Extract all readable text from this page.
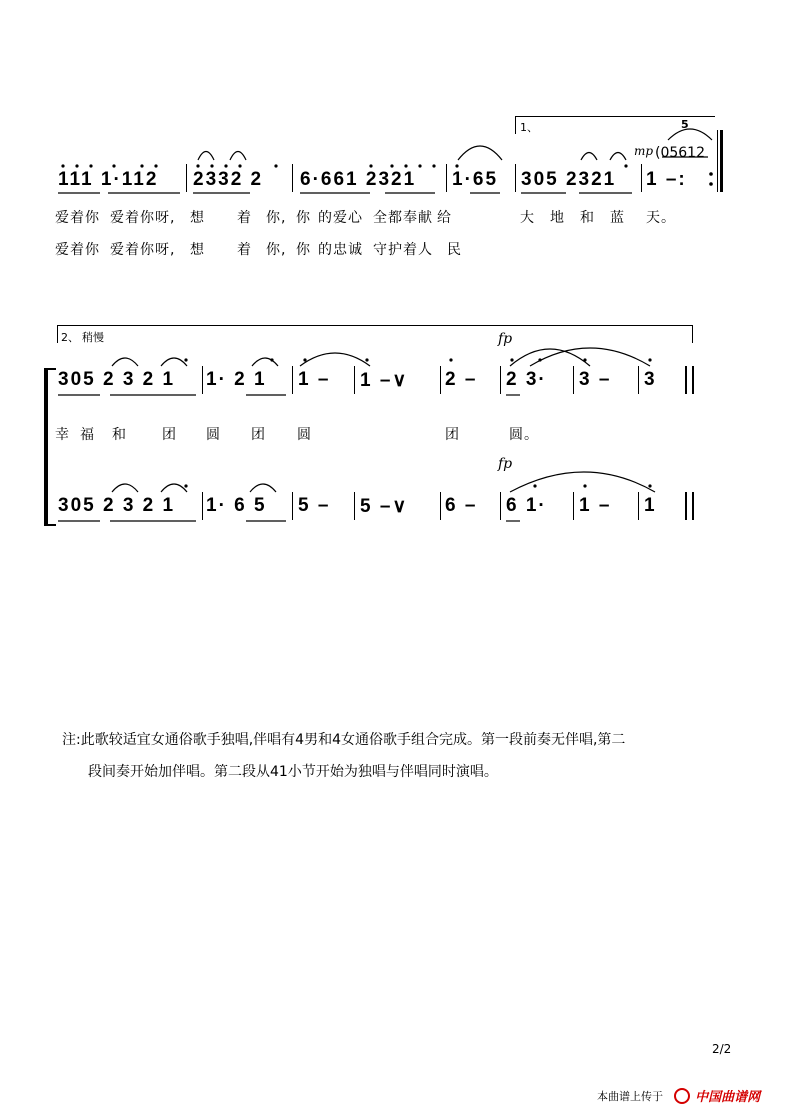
1、
mp
5
(05612
111 1·112 2332 2 6·661 2321 1·65 305 2321 1 –:
爱着你 爱着你呀, 想 着 你, 你 的爱心 全都奉献 给	大 地 和 蓝 天。
爱着你 爱着你呀, 想 着 你, 你 的忠诚 守护着人 民
2、 稍慢	fp
fp
305 2 3 2 1 1· 2 1 1 – 1 –∨ 2 – 2 3· 3 – 3
幸 福 和	团 圆 团 圆	团	圆。
305 2 3 2 1 1· 6 5 5 – 5 –∨ 6 – 6 1· 1 – 1
注:此歌较适宜女通俗歌手独唱,伴唱有4男和4女通俗歌手组合完成。第一段前奏无伴唱,第二
段间奏开始加伴唱。第二段从41小节开始为独唱与伴唱同时演唱。
2/2
本曲谱上传于	中国曲谱网
